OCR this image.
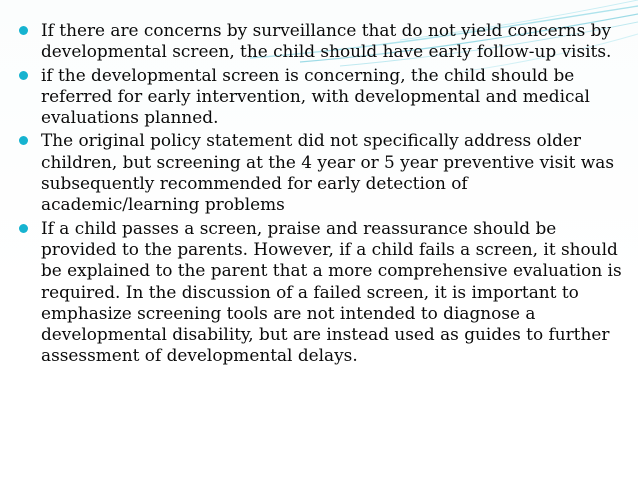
If there are concerns by surveillance that do not yield concerns by developmental screen, the child should have early follow-up visits.
if the developmental screen is concerning, the child should be referred for early intervention, with developmental and medical evaluations planned.
The original policy statement did not specifically address older children, but screening at the 4 year or 5 year preventive visit was subsequently recommended for early detection of academic/learning problems
If a child passes a screen, praise and reassurance should be provided to the parents. However, if a child fails a screen, it should be explained to the parent that a more comprehensive evaluation is required. In the discussion of a failed screen, it is important to emphasize screening tools are not intended to diagnose a developmental disability, but are instead used as guides to further assessment of developmental delays.
